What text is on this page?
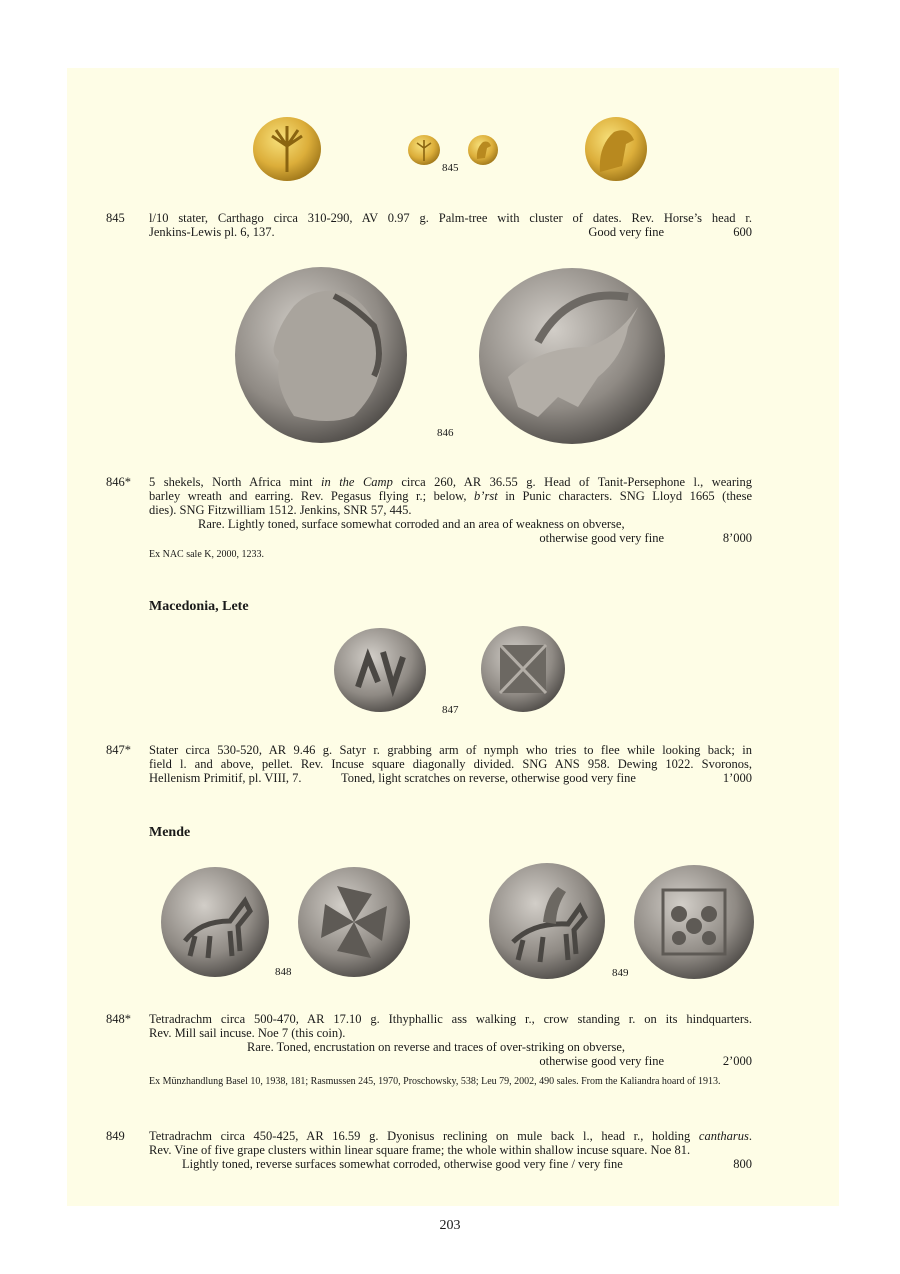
845
845 l/10 stater, Carthago circa 310-290, AV 0.97 g. Palm-tree with cluster of dates. Rev. Horse’s head r.
Jenkins-Lewis pl. 6, 137.	Good very fine	600
846
846* 5 shekels, North Africa mint in the Camp circa 260, AR 36.55 g. Head of Tanit-Persephone l., wearing
barley wreath and earring. Rev. Pegasus flying r.; below, b’rst in Punic characters. SNG Lloyd 1665 (these
dies). SNG Fitzwilliam 1512. Jenkins, SNR 57, 445.
Rare. Lightly toned, surface somewhat corroded and an area of weakness on obverse,
otherwise good very fine	8’000
Ex NAC sale K, 2000, 1233.
Macedonia, Lete
847
847* Stater circa 530-520, AR 9.46 g. Satyr r. grabbing arm of nymph who tries to flee while looking back; in
field l. and above, pellet. Rev. Incuse square diagonally divided. SNG ANS 958. Dewing 1022. Svoronos,
Hellenism Primitif, pl. VIII, 7.	Toned, light scratches on reverse, otherwise good very fine	1’000
Mende
848	849
848* Tetradrachm circa 500-470, AR 17.10 g. Ithyphallic ass walking r., crow standing r. on its hindquarters.
Rev. Mill sail incuse. Noe 7 (this coin).
Rare. Toned, encrustation on reverse and traces of over-striking on obverse,
otherwise good very fine	2’000
Ex Münzhandlung Basel 10, 1938, 181; Rasmussen 245, 1970, Proschowsky, 538; Leu 79, 2002, 490 sales. From the Kaliandra hoard of 1913.
849 Tetradrachm circa 450-425, AR 16.59 g. Dyonisus reclining on mule back l., head r., holding cantharus.
Rev. Vine of five grape clusters within linear square frame; the whole within shallow incuse square. Noe 81.
Lightly toned, reverse surfaces somewhat corroded, otherwise good very fine / very fine	800
203
